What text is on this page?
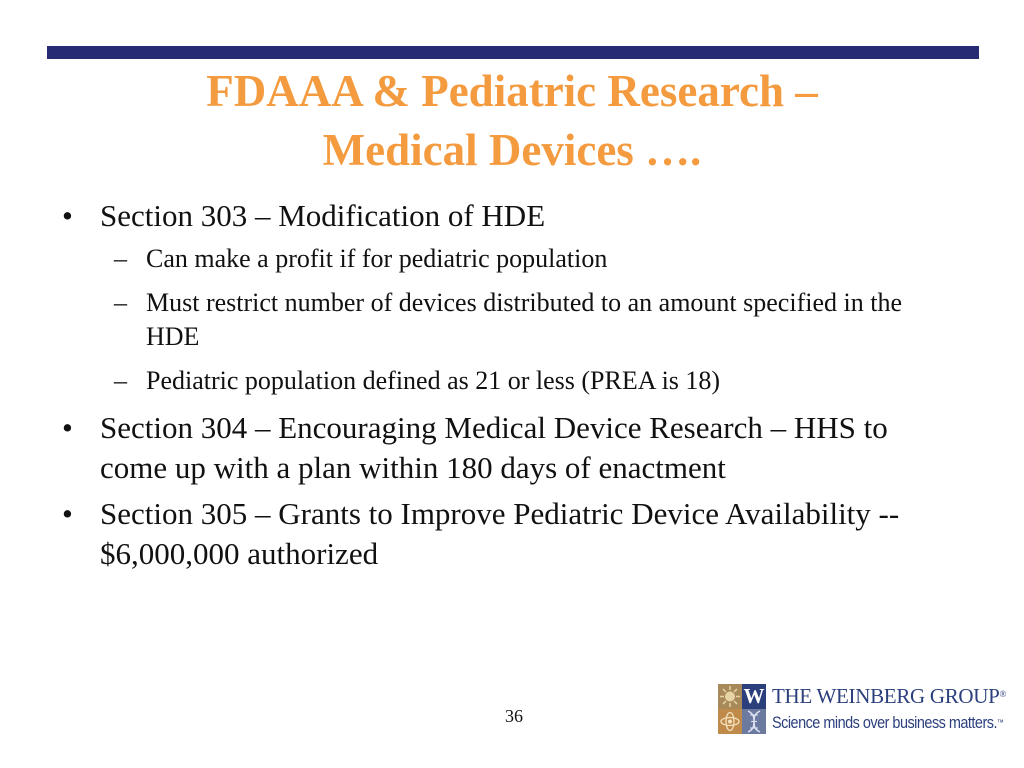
FDAAA & Pediatric Research –
Medical Devices ….
• Section 303 – Modification of HDE
– Can make a profit if for pediatric population
– Must restrict number of devices distributed to an amount specified in the HDE
– Pediatric population defined as 21 or less (PREA is 18)
• Section 304 – Encouraging Medical Device Research – HHS to come up with a plan within 180 days of enactment
• Section 305 – Grants to Improve Pediatric Device Availability -- $6,000,000 authorized
36
W THE WEINBERG GROUP®
Science minds over business matters.™
